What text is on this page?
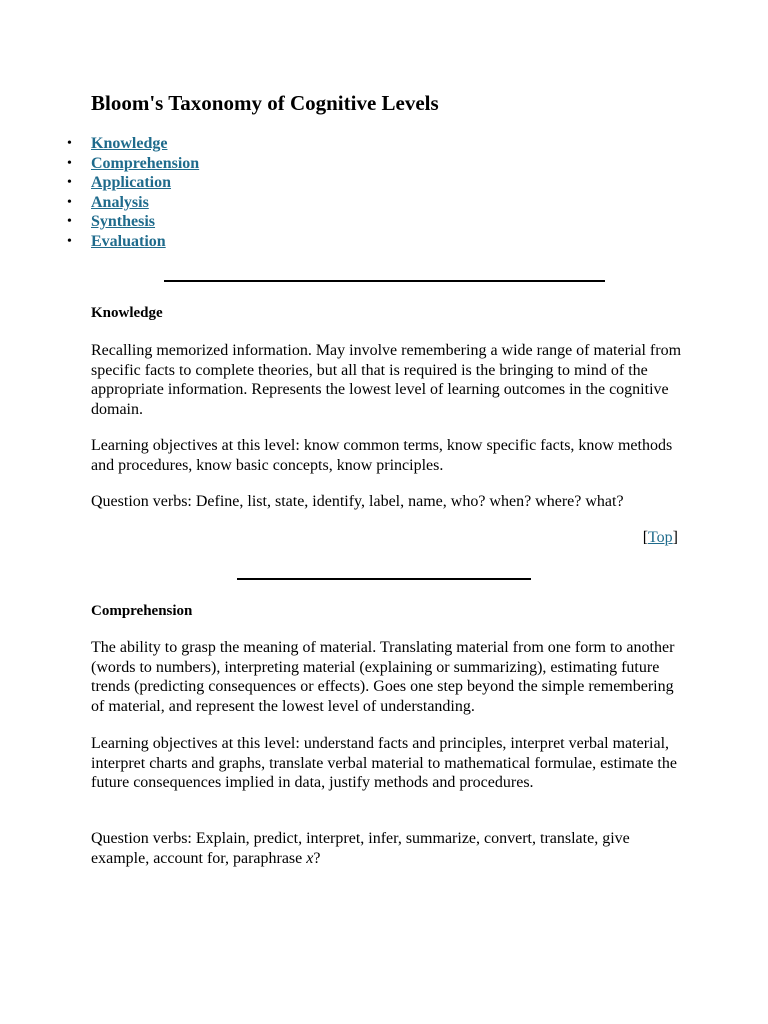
Bloom's Taxonomy of Cognitive Levels
• Knowledge
• Comprehension
• Application
• Analysis
• Synthesis
• Evaluation
Knowledge

Recalling memorized information. May involve remembering a wide range of material from specific facts to complete theories, but all that is required is the bringing to mind of the appropriate information. Represents the lowest level of learning outcomes in the cognitive domain.

Learning objectives at this level: know common terms, know specific facts, know methods and procedures, know basic concepts, know principles.

Question verbs: Define, list, state, identify, label, name, who? when? where? what?

[Top]
Comprehension

The ability to grasp the meaning of material. Translating material from one form to another (words to numbers), interpreting material (explaining or summarizing), estimating future trends (predicting consequences or effects). Goes one step beyond the simple remembering of material, and represent the lowest level of understanding.

Learning objectives at this level: understand facts and principles, interpret verbal material, interpret charts and graphs, translate verbal material to mathematical formulae, estimate the future consequences implied in data, justify methods and procedures.

Question verbs: Explain, predict, interpret, infer, summarize, convert, translate, give example, account for, paraphrase x?
